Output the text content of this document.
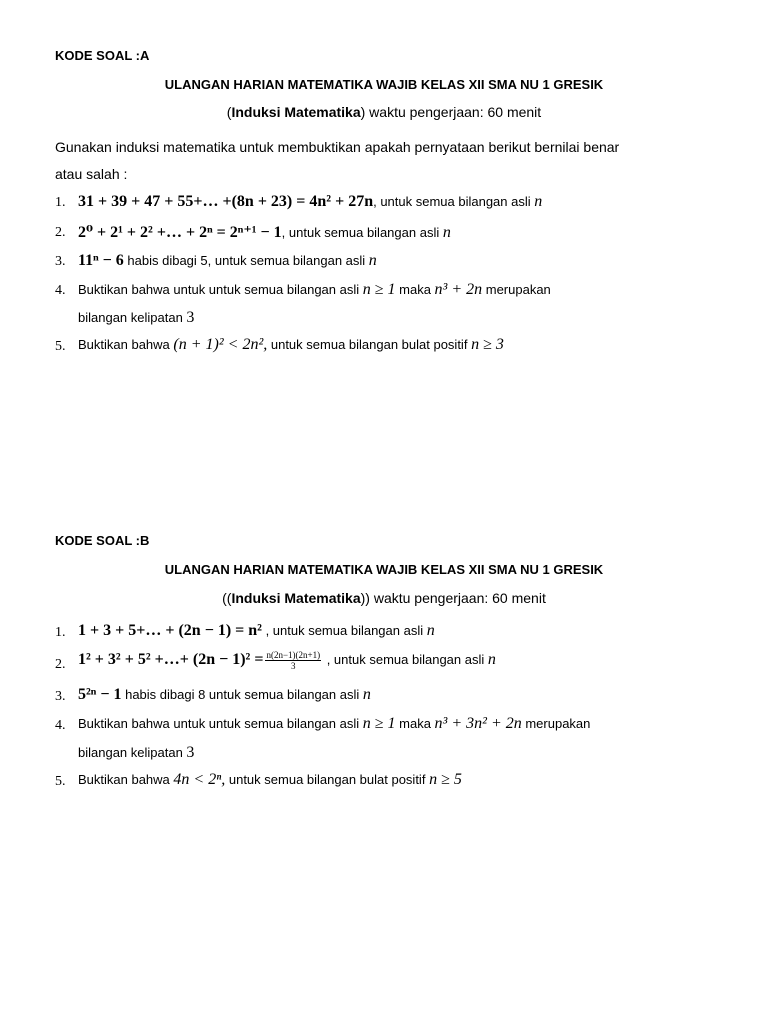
KODE SOAL :A
ULANGAN HARIAN MATEMATIKA WAJIB KELAS XII SMA NU 1 GRESIK
(Induksi Matematika) waktu pengerjaan: 60 menit
Gunakan induksi matematika untuk membuktikan apakah pernyataan berikut bernilai benar
atau salah :
1. 31 + 39 + 47 + 55+… +(8n + 23) = 4n² + 27n, untuk semua bilangan asli n
2. 2⁰ + 2¹ + 2² +… + 2ⁿ = 2ⁿ⁺¹ − 1, untuk semua bilangan asli n
3. 11ⁿ − 6 habis dibagi 5, untuk semua bilangan asli n
4. Buktikan bahwa untuk untuk semua bilangan asli n ≥ 1 maka n³ + 2n merupakan
bilangan kelipatan 3
5. Buktikan bahwa (n + 1)² < 2n², untuk semua bilangan bulat positif n ≥ 3
KODE SOAL :B
ULANGAN HARIAN MATEMATIKA WAJIB KELAS XII SMA NU 1 GRESIK
((Induksi Matematika)) waktu pengerjaan: 60 menit
1. 1 + 3 + 5+… + (2n − 1) = n² , untuk semua bilangan asli n
2. 1² + 3² + 5² +…+ $(2n - 1)^2 = \frac{n(2n-1)(2n+1)}{3}$ , untuk semua bilangan asli n
3. 5²ⁿ − 1 habis dibagi 8 untuk semua bilangan asli n
4. Buktikan bahwa untuk untuk semua bilangan asli n ≥ 1 maka n³ + 3n² + 2n merupakan
bilangan kelipatan 3
5. Buktikan bahwa 4n < 2ⁿ, untuk semua bilangan bulat positif n ≥ 5
